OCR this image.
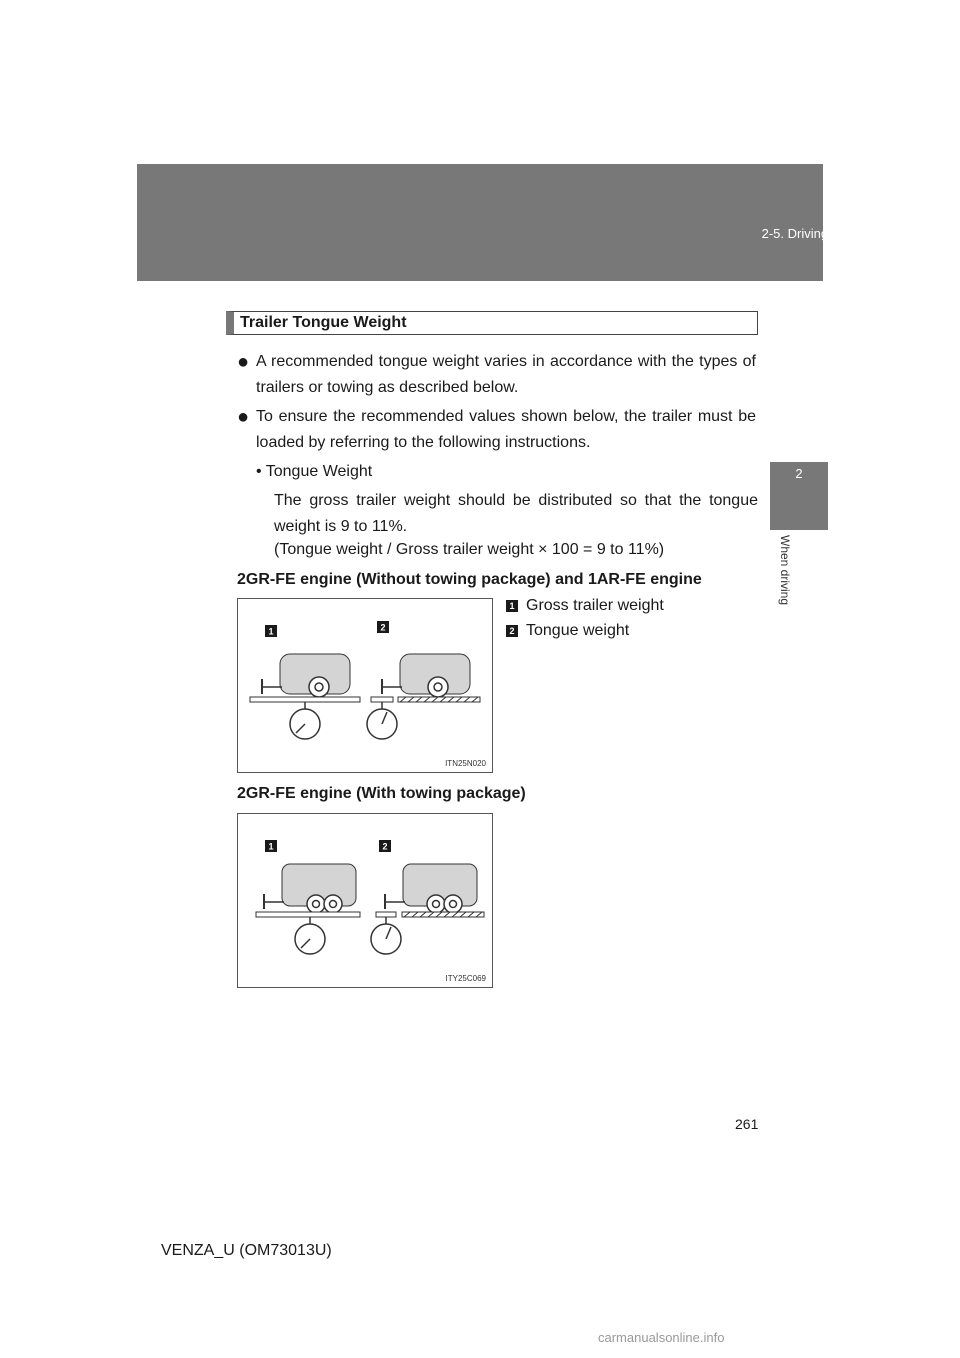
2-5. Driving information
2
When driving
Trailer Tongue Weight
● A recommended tongue weight varies in accordance with the types of trailers or towing as described below.
● To ensure the recommended values shown below, the trailer must be loaded by referring to the following instructions.
• Tongue Weight
The gross trailer weight should be distributed so that the tongue weight is 9 to 11%.
(Tongue weight / Gross trailer weight × 100 = 9 to 11%)
2GR-FE engine (Without towing package) and 1AR-FE engine
1	2
ITN25N020
1 Gross trailer weight
2 Tongue weight
2GR-FE engine (With towing package)
1	2
ITY25C069
261
VENZA_U (OM73013U)
carmanualsonline.info
